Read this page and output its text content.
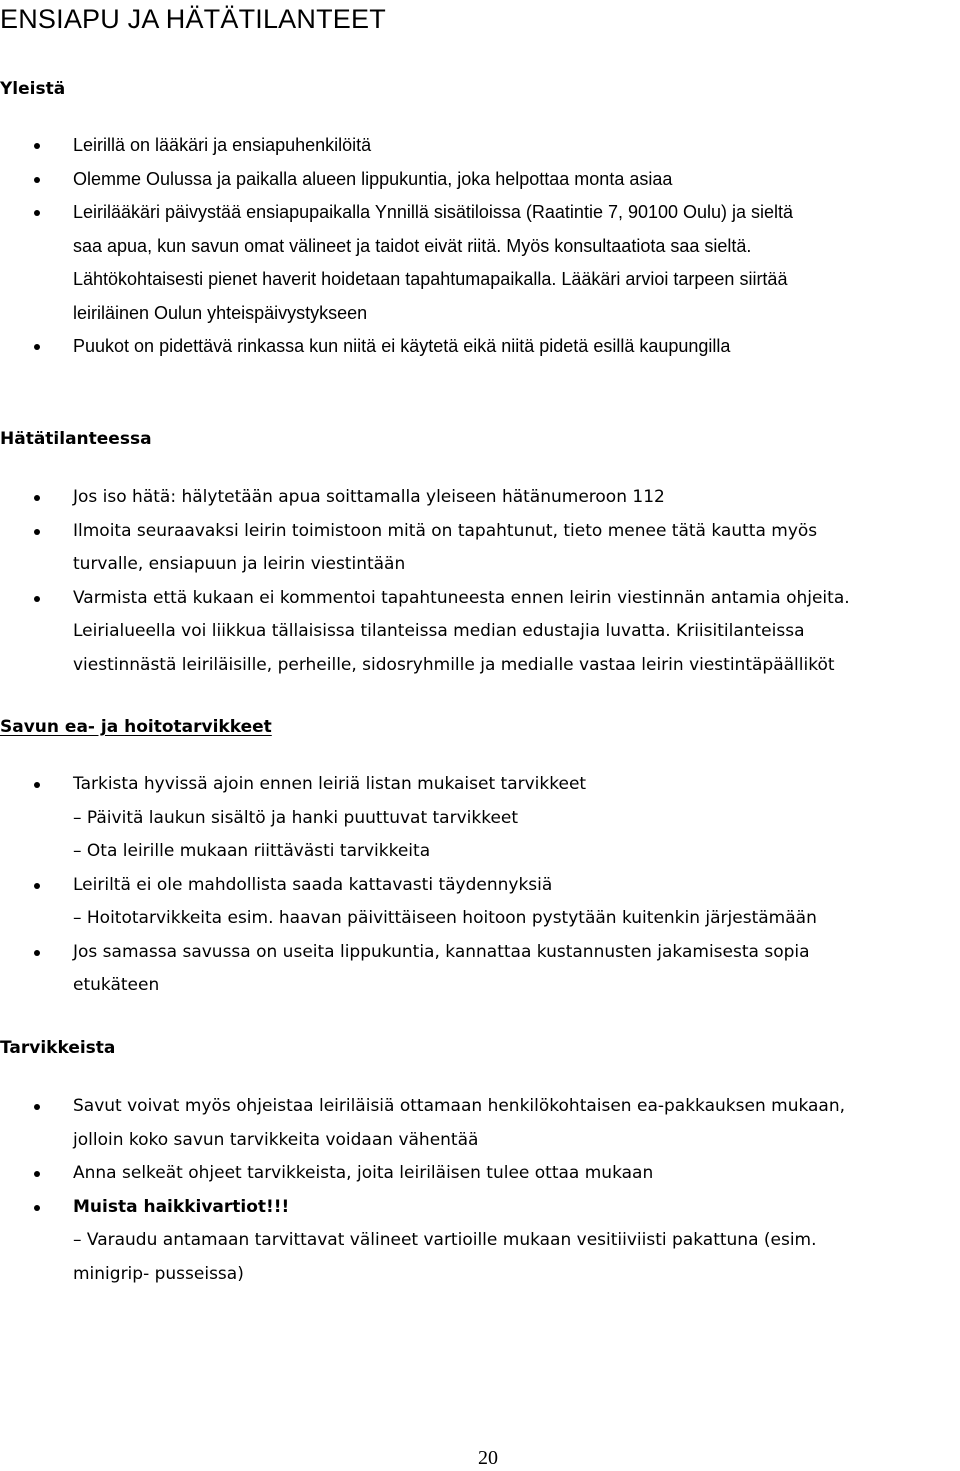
ENSIAPU JA HÄTÄTILANTEET
Yleistä
Leirillä on lääkäri ja ensiapuhenkilöitä
Olemme Oulussa ja paikalla alueen lippukuntia, joka helpottaa monta asiaa
Leirilääkäri päivystää ensiapupaikalla Ynnillä sisätiloissa (Raatintie 7, 90100 Oulu) ja sieltä
saa apua, kun savun omat välineet ja taidot eivät riitä. Myös konsultaatiota saa sieltä.
Lähtökohtaisesti pienet haverit hoidetaan tapahtumapaikalla. Lääkäri arvioi tarpeen siirtää
leiriläinen Oulun yhteispäivystykseen
Puukot on pidettävä rinkassa kun niitä ei käytetä eikä niitä pidetä esillä kaupungilla
Hätätilanteessa
Jos iso hätä: hälytetään apua soittamalla yleiseen hätänumeroon 112
Ilmoita seuraavaksi leirin toimistoon mitä on tapahtunut, tieto menee tätä kautta myös
turvalle, ensiapuun ja leirin viestintään
Varmista että kukaan ei kommentoi tapahtuneesta ennen leirin viestinnän antamia ohjeita.
Leirialueella voi liikkua tällaisissa tilanteissa median edustajia luvatta. Kriisitilanteissa
viestinnästä leiriläisille, perheille, sidosryhmille ja medialle vastaa leirin viestintäpäälliköt
Savun ea- ja hoitotarvikkeet
Tarkista hyvissä ajoin ennen leiriä listan mukaiset tarvikkeet
– Päivitä laukun sisältö ja hanki puuttuvat tarvikkeet
– Ota leirille mukaan riittävästi tarvikkeita
Leiriltä ei ole mahdollista saada kattavasti täydennyksiä
– Hoitotarvikkeita esim. haavan päivittäiseen hoitoon pystytään kuitenkin järjestämään
Jos samassa savussa on useita lippukuntia, kannattaa kustannusten jakamisesta sopia
etukäteen
Tarvikkeista
Savut voivat myös ohjeistaa leiriläisiä ottamaan henkilökohtaisen ea-pakkauksen mukaan,
jolloin koko savun tarvikkeita voidaan vähentää
Anna selkeät ohjeet tarvikkeista, joita leiriläisen tulee ottaa mukaan
Muista haikkivartiot!!!
– Varaudu antamaan tarvittavat välineet vartioille mukaan vesitiiviisti pakattuna (esim.
minigrip- pusseissa)
20
